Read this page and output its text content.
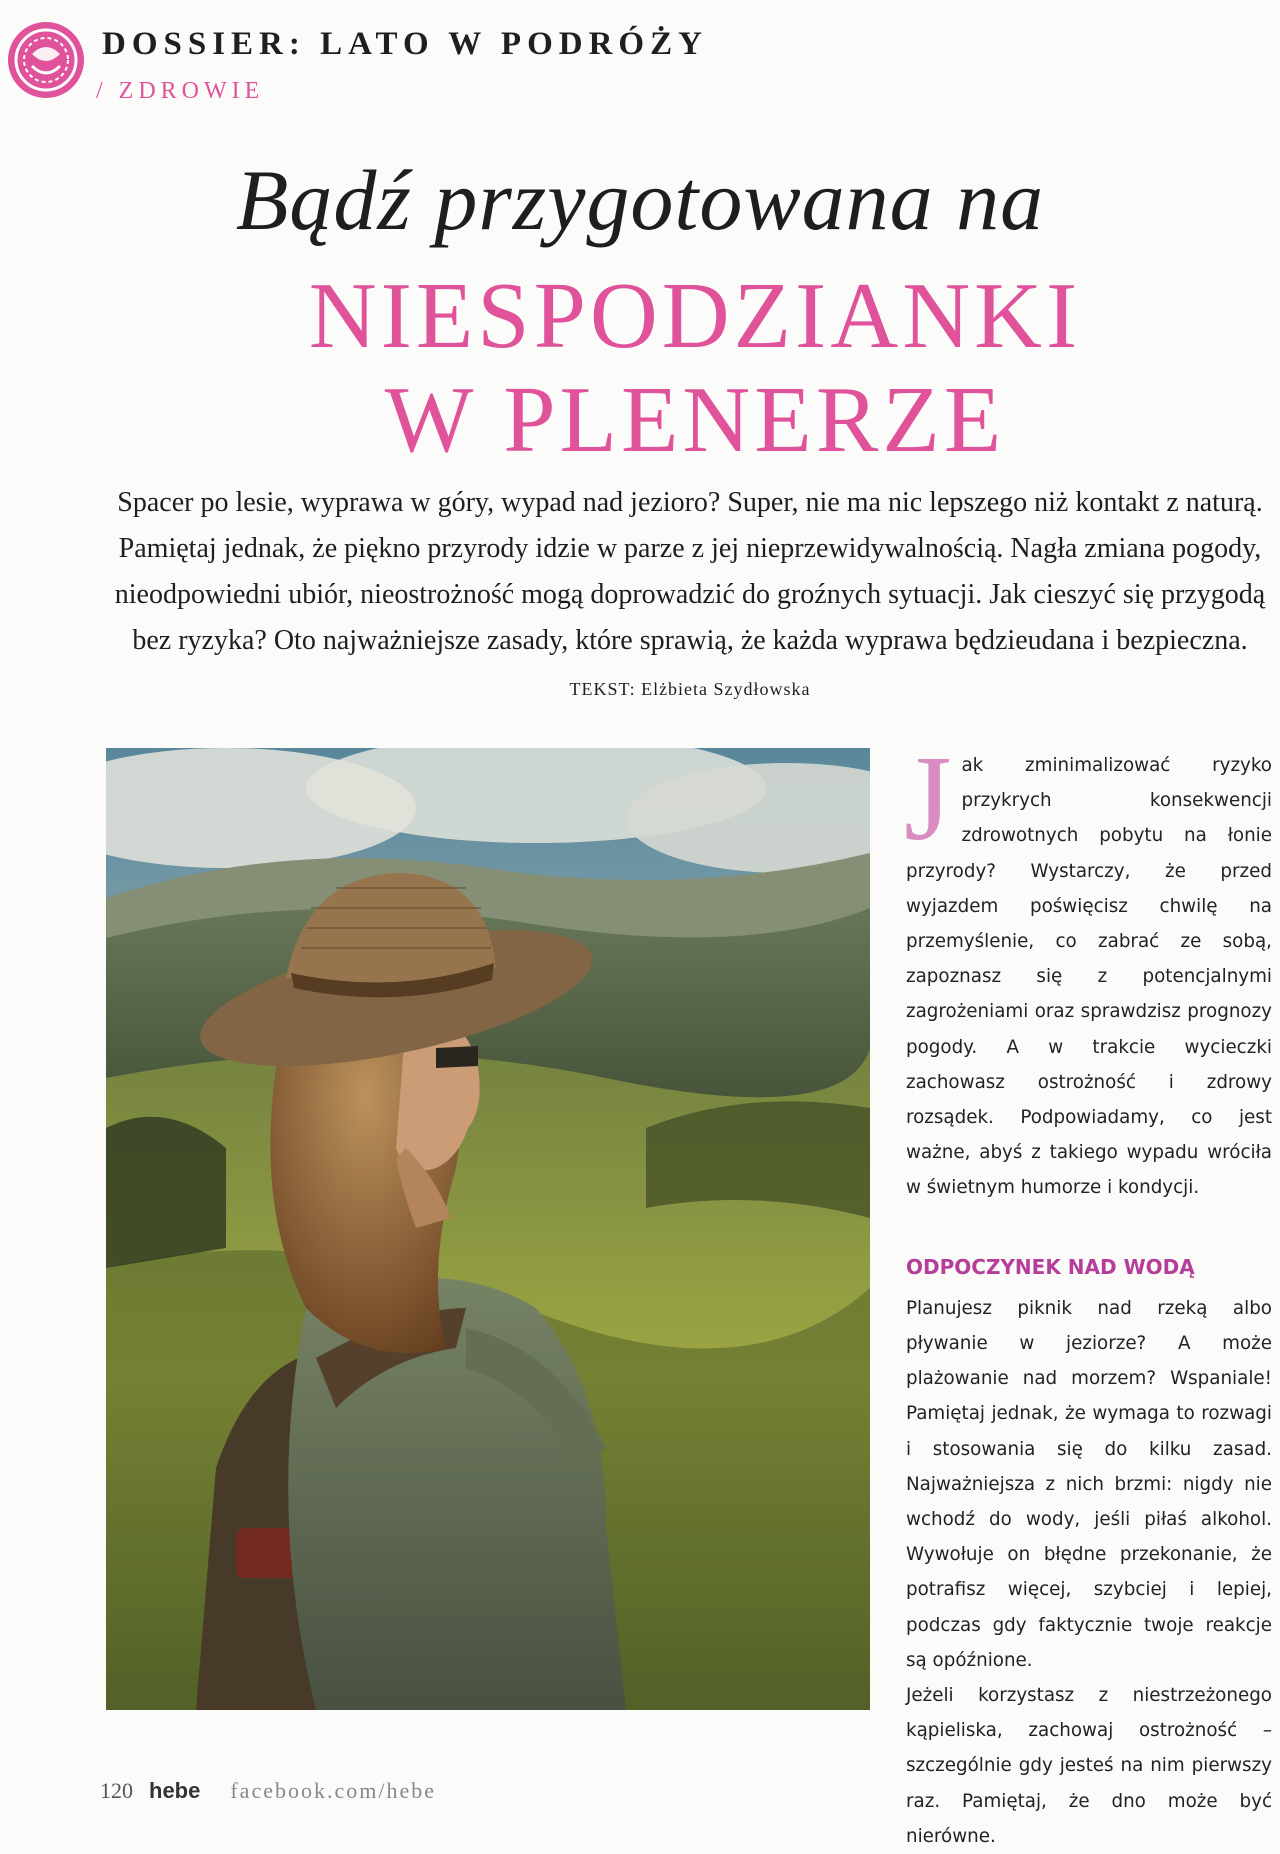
DOSSIER: LATO W PODRÓŻY
/ ZDROWIE
Bądź przygotowana na
NIESPODZIANKI
W PLENERZE
Spacer po lesie, wyprawa w góry, wypad nad jezioro? Super, nie ma nic lepszego niż kontakt z naturą. Pamiętaj jednak, że piękno przyrody idzie w parze z jej nieprzewidywalnością. Nagła zmiana pogody, nieodpowiedni ubiór, nieostrożność mogą doprowadzić do groźnych sytuacji. Jak cieszyć się przygodą bez ryzyka? Oto najważniejsze zasady, które sprawią, że każda wyprawa będzieudana i bezpieczna. TEKST: Elżbieta Szydłowska

Jak zminimalizować ryzyko przykrych konsekwencji zdrowotnych pobytu na łonie przyrody? Wystarczy, że przed wyjazdem poświęcisz chwilę na przemyślenie, co zabrać ze sobą, zapoznasz się z potencjalnymi zagrożeniami oraz sprawdzisz prognozy pogody. A w trakcie wycieczki zachowasz ostrożność i zdrowy rozsądek. Podpowiadamy, co jest ważne, abyś z takiego wypadu wróciła w świetnym humorze i kondycji.

ODPOCZYNEK NAD WODĄ

Planujesz piknik nad rzeką albo pływanie w jeziorze? A może plażowanie nad morzem? Wspaniale! Pamiętaj jednak, że wymaga to rozwagi i stosowania się do kilku zasad. Najważniejsza z nich brzmi: nigdy nie wchodź do wody, jeśli piłaś alkohol. Wywołuje on błędne przekonanie, że potrafisz więcej, szybciej i lepiej, podczas gdy faktycznie twoje reakcje są opóźnione.

Jeżeli korzystasz z niestrzeżonego kąpieliska, zachowaj ostrożność – szczególnie gdy jesteś na nim pierwszy raz. Pamiętaj, że dno może być nierówne.

120 hebe facebook.com/hebe
